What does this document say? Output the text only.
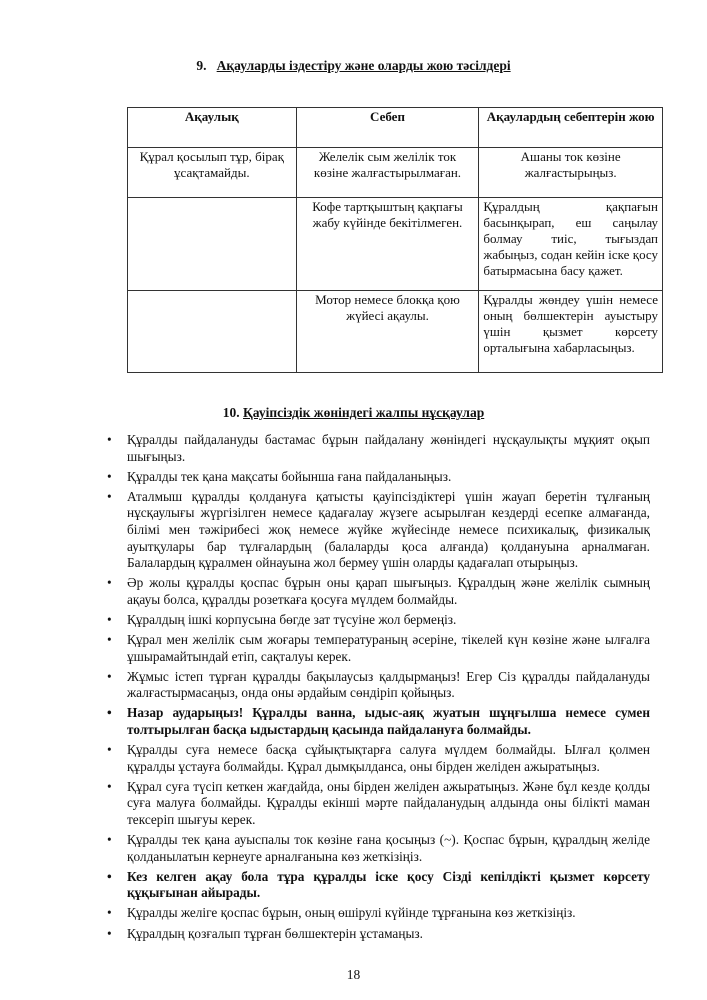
9. Ақауларды іздестіру және оларды жою тәсілдері
Ақаулық	Себеп	Ақаулардың себептерін жою
Құрал қосылып тұр, бірақ ұсақтамайды.	Желелік сым желілік ток көзіне жалғастырылмаған.	Ашаны ток көзіне жалғастырыңыз.
	Кофе тартқыштың қақпағы жабу күйінде бекітілмеген.	Құралдың қақпағын басынқырап, еш саңылау болмау тиіс, тығыздап жабыңыз, содан кейін іске қосу батырмасына басу қажет.
	Мотор немесе блокқа қою жүйесі ақаулы.	Құралды жөндеу үшін немесе оның бөлшектерін ауыстыру үшін қызмет көрсету орталығына хабарласыңыз.
10. Қауіпсіздік жөніндегі жалпы нұсқаулар
• Құралды пайдалануды бастамас бұрын пайдалану жөніндегі нұсқаулықты мұқият оқып шығыңыз.
• Құралды тек қана мақсаты бойынша ғана пайдаланыңыз.
• Аталмыш құралды қолдануға қатысты қауіпсіздіктері үшін жауап беретін тұлғаның нұсқаулығы жүргізілген немесе қадағалау жүзеге асырылған кездерді есепке алмағанда, білімі мен тәжірибесі жоқ немесе жүйке жүйесінде немесе психикалық, физикалық ауытқулары бар тұлғалардың (балаларды қоса алғанда) қолдануына арналмаған. Балалардың құралмен ойнауына жол бермеу үшін оларды қадағалап отырыңыз.
• Әр жолы құралды қоспас бұрын оны қарап шығыңыз. Құралдың және желілік сымның ақауы болса, құралды розеткаға қосуға мүлдем болмайды.
• Құралдың ішкі корпусына бөгде зат түсуіне жол бермеңіз.
• Құрал мен желілік сым жоғары температураның әсеріне, тікелей күн көзіне және ылғалға ұшырамайтындай етіп, сақталуы керек.
• Жұмыс істеп тұрған құралды бақылаусыз қалдырмаңыз! Егер Сіз құралды пайдалануды жалғастырмасаңыз, онда оны әрдайым сөндіріп қойыңыз.
• Назар аударыңыз! Құралды ванна, ыдыс-аяқ жуатын шұңғылша немесе сумен толтырылған басқа ыдыстардың қасында пайдалануға болмайды.
• Құралды суға немесе басқа сұйықтықтарға салуға мүлдем болмайды. Ылғал қолмен құралды ұстауға болмайды. Құрал дымқылданса, оны бірден желіден ажыратыңыз.
• Құрал суға түсіп кеткен жағдайда, оны бірден желіден ажыратыңыз. Және бұл кезде қолды суға малуға болмайды. Құралды екінші мәрте пайдаланудың алдында оны білікті маман тексеріп шығуы керек.
• Құралды тек қана ауыспалы ток көзіне ғана қосыңыз (~). Қоспас бұрын, құралдың желіде қолданылатын кернеуге арналғанына көз жеткізіңіз.
• Кез келген ақау бола тұра құралды іске қосу Сізді кепілдікті қызмет көрсету құқығынан айырады.
• Құралды желіге қоспас бұрын, оның өшірулі күйінде тұрғанына көз жеткізіңіз.
• Құралдың қозғалып тұрған бөлшектерін ұстамаңыз.
18
